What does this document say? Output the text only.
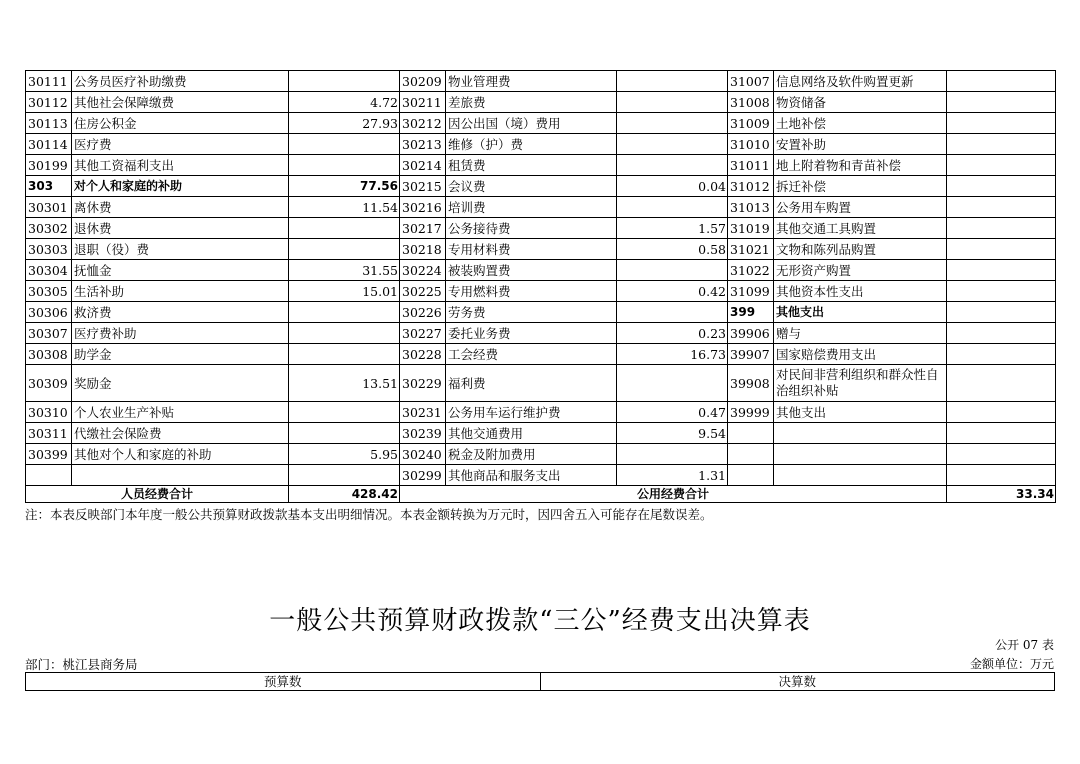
30111	公务员医疗补助缴费		30209	物业管理费		31007	信息网络及软件购置更新	
30112	其他社会保障缴费	4.72	30211	差旅费		31008	物资储备	
30113	住房公积金	27.93	30212	因公出国（境）费用		31009	土地补偿	
30114	医疗费		30213	维修（护）费		31010	安置补助	
30199	其他工资福利支出		30214	租赁费		31011	地上附着物和青苗补偿	
303	对个人和家庭的补助	77.56	30215	会议费	0.04	31012	拆迁补偿	
30301	离休费	11.54	30216	培训费		31013	公务用车购置	
30302	退休费		30217	公务接待费	1.57	31019	其他交通工具购置	
30303	退职（役）费		30218	专用材料费	0.58	31021	文物和陈列品购置	
30304	抚恤金	31.55	30224	被装购置费		31022	无形资产购置	
30305	生活补助	15.01	30225	专用燃料费	0.42	31099	其他资本性支出	
30306	救济费		30226	劳务费		399	其他支出	
30307	医疗费补助		30227	委托业务费	0.23	39906	赠与	
30308	助学金		30228	工会经费	16.73	39907	国家赔偿费用支出	
30309	奖励金	13.51	30229	福利费		39908	对民间非营利组织和群众性自治组织补贴	
30310	个人农业生产补贴		30231	公务用车运行维护费	0.47	39999	其他支出	
30311	代缴社会保险费		30239	其他交通费用	9.54			
30399	其他对个人和家庭的补助	5.95	30240	税金及附加费用				
			30299	其他商品和服务支出	1.31			
人员经费合计		428.42	公用经费合计					33.34
注：本表反映部门本年度一般公共预算财政拨款基本支出明细情况。本表金额转换为万元时，因四舍五入可能存在尾数误差。
一般公共预算财政拨款“三公”经费支出决算表
公开 07 表
部门：桃江县商务局	金额单位：万元
预算数	决算数
